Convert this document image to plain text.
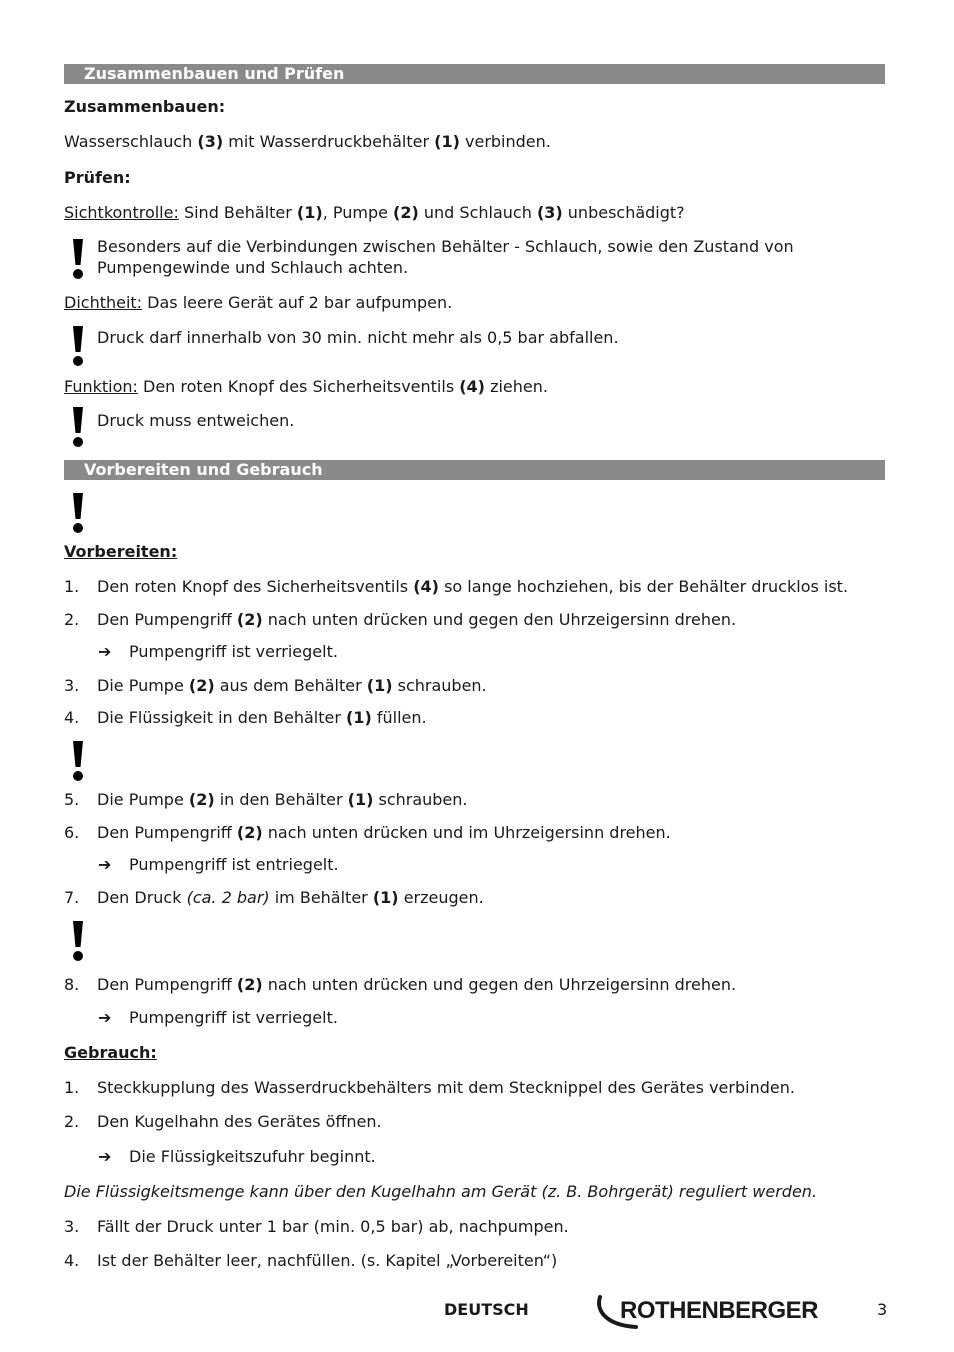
Zusammenbauen und Prüfen
Zusammenbauen:
Wasserschlauch (3) mit Wasserdruckbehälter (1) verbinden.
Prüfen:
Sichtkontrolle: Sind Behälter (1), Pumpe (2) und Schlauch (3) unbeschädigt?
Besonders auf die Verbindungen zwischen Behälter - Schlauch, sowie den Zustand von
Pumpengewinde und Schlauch achten.
Dichtheit: Das leere Gerät auf 2 bar aufpumpen.
Druck darf innerhalb von 30 min. nicht mehr als 0,5 bar abfallen.
Funktion: Den roten Knopf des Sicherheitsventils (4) ziehen.
Druck muss entweichen.
Vorbereiten und Gebrauch
Vorbereiten:
1. Den roten Knopf des Sicherheitsventils (4) so lange hochziehen, bis der Behälter drucklos ist.
2. Den Pumpengriff (2) nach unten drücken und gegen den Uhrzeigersinn drehen.
➔ Pumpengriff ist verriegelt.
3. Die Pumpe (2) aus dem Behälter (1) schrauben.
4. Die Flüssigkeit in den Behälter (1) füllen.
5. Die Pumpe (2) in den Behälter (1) schrauben.
6. Den Pumpengriff (2) nach unten drücken und im Uhrzeigersinn drehen.
➔ Pumpengriff ist entriegelt.
7. Den Druck (ca. 2 bar) im Behälter (1) erzeugen.
8. Den Pumpengriff (2) nach unten drücken und gegen den Uhrzeigersinn drehen.
➔ Pumpengriff ist verriegelt.
Gebrauch:
1. Steckkupplung des Wasserdruckbehälters mit dem Stecknippel des Gerätes verbinden.
2. Den Kugelhahn des Gerätes öffnen.
➔ Die Flüssigkeitszufuhr beginnt.
Die Flüssigkeitsmenge kann über den Kugelhahn am Gerät (z. B. Bohrgerät) reguliert werden.
3. Fällt der Druck unter 1 bar (min. 0,5 bar) ab, nachpumpen.
4. Ist der Behälter leer, nachfüllen. (s. Kapitel „Vorbereiten“)
DEUTSCH	ROTHENBERGER	3
